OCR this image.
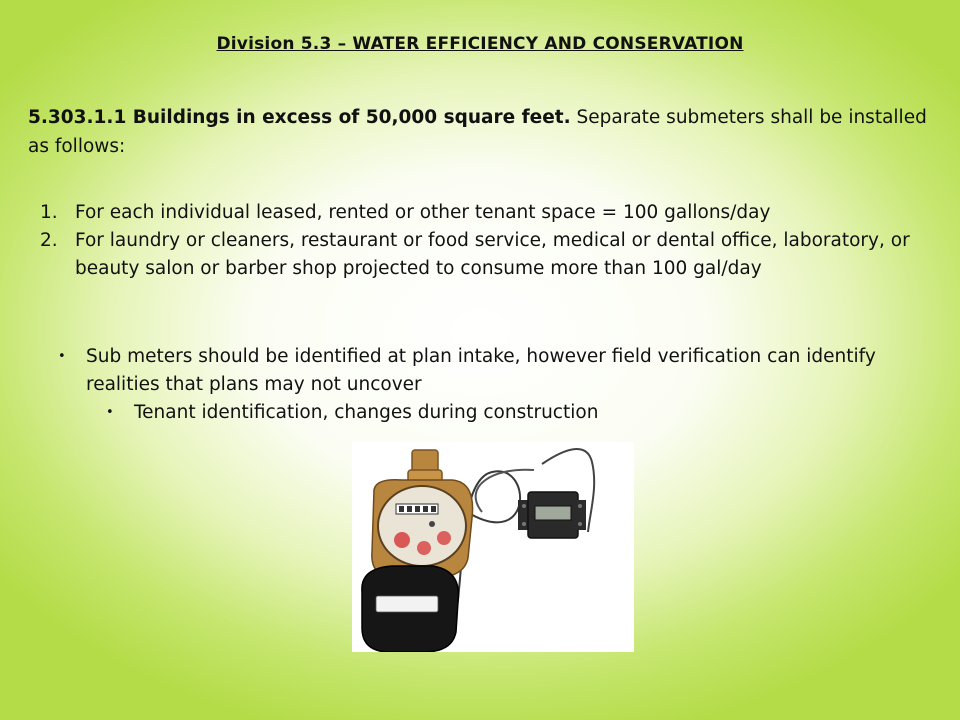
Division 5.3 – WATER EFFICIENCY AND CONSERVATION
5.303.1.1 Buildings in excess of 50,000 square feet. Separate submeters shall be installed as follows:
1. For each individual leased, rented or other tenant space = 100 gallons/day
2. For laundry or cleaners, restaurant or food service, medical or dental office, laboratory, or beauty salon or barber shop projected to consume more than 100 gal/day
• Sub meters should be identified at plan intake, however field verification can identify realities that plans may not uncover
• Tenant identification, changes during construction
